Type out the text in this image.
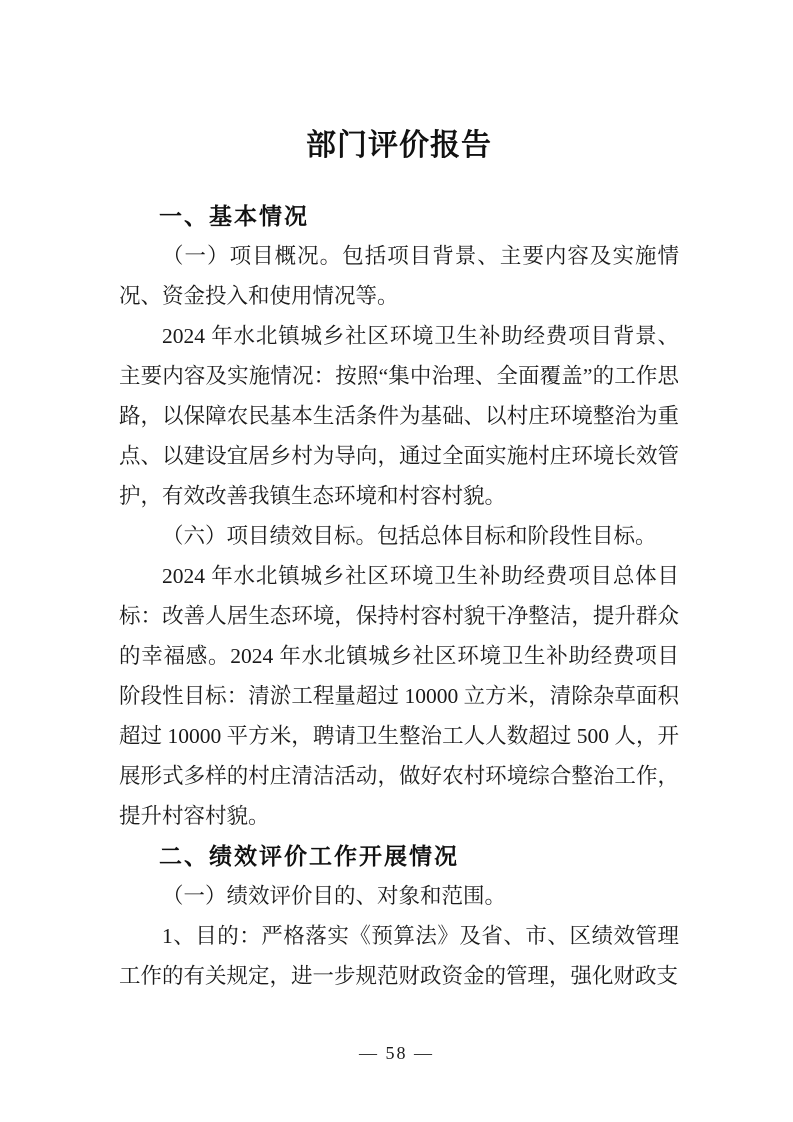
部门评价报告
一、基本情况

（一）项目概况。包括项目背景、主要内容及实施情况、资金投入和使用情况等。

2024 年水北镇城乡社区环境卫生补助经费项目背景、主要内容及实施情况：按照“集中治理、全面覆盖”的工作思路，以保障农民基本生活条件为基础、以村庄环境整治为重点、以建设宜居乡村为导向，通过全面实施村庄环境长效管护，有效改善我镇生态环境和村容村貌。

（六）项目绩效目标。包括总体目标和阶段性目标。

2024 年水北镇城乡社区环境卫生补助经费项目总体目标：改善人居生态环境，保持村容村貌干净整洁，提升群众的幸福感。2024 年水北镇城乡社区环境卫生补助经费项目阶段性目标：清淤工程量超过 10000 立方米，清除杂草面积超过 10000 平方米，聘请卫生整治工人人数超过 500 人，开展形式多样的村庄清洁活动，做好农村环境综合整治工作，提升村容村貌。

二、绩效评价工作开展情况

（一）绩效评价目的、对象和范围。

1、目的：严格落实《预算法》及省、市、区绩效管理工作的有关规定，进一步规范财政资金的管理，强化财政支

— 58 —
